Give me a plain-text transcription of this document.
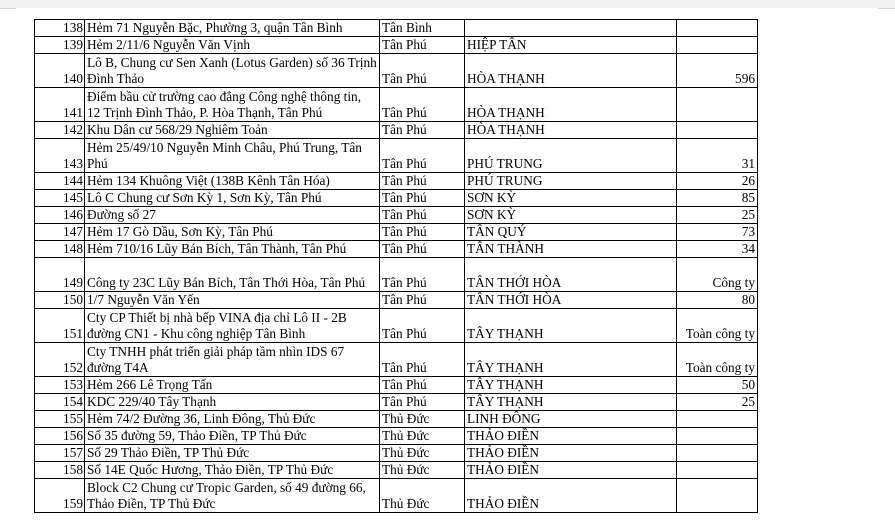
138	Hẻm 71 Nguyễn Bặc, Phường 3, quận Tân Bình	Tân Bình		
139	Hẻm 2/11/6 Nguyễn Văn Vịnh	Tân Phú	HIỆP TÂN	
140	Lô B, Chung cư Sen Xanh (Lotus Garden) số 36 Trịnh Đình Thảo	Tân Phú	HÒA THẠNH	596
141	Điểm bầu cử trường cao đẳng Công nghệ thông tin, 12 Trịnh Đình Thảo, P. Hòa Thạnh, Tân Phú	Tân Phú	HÒA THẠNH	
142	Khu Dân cư 568/29 Nghiêm Toản	Tân Phú	HÒA THẠNH	
143	Hẻm 25/49/10 Nguyễn Minh Châu, Phú Trung, Tân Phú	Tân Phú	PHÚ TRUNG	31
144	Hẻm 134 Khuông Việt (138B Kênh Tân Hóa)	Tân Phú	PHÚ TRUNG	26
145	Lô C Chung cư Sơn Kỳ 1, Sơn Kỳ, Tân Phú	Tân Phú	SƠN KỲ	85
146	Đường số 27	Tân Phú	SƠN KỲ	25
147	Hẻm 17 Gò Dầu, Sơn Kỳ, Tân Phú	Tân Phú	TÂN QUÝ	73
148	Hẻm 710/16 Lũy Bán Bích, Tân Thành, Tân Phú	Tân Phú	TÂN THÀNH	34
149	Công ty 23C Lũy Bán Bích, Tân Thới Hòa, Tân Phú	Tân Phú	TÂN THỚI HÒA	Công ty
150	1/7 Nguyễn Văn Yến	Tân Phú	TÂN THỚI HÒA	80
151	Cty CP Thiết bị nhà bếp VINA địa chỉ Lô II - 2B đường CN1 - Khu công nghiệp Tân Bình	Tân Phú	TÂY THẠNH	Toàn công ty
152	Cty TNHH phát triển giải pháp tầm nhìn IDS 67 đường T4A	Tân Phú	TÂY THẠNH	Toàn công ty
153	Hẻm 266 Lê Trọng Tấn	Tân Phú	TÂY THẠNH	50
154	KDC 229/40 Tây Thạnh	Tân Phú	TÂY THẠNH	25
155	Hẻm 74/2 Đường 36, Linh Đông, Thủ Đức	Thủ Đức	LINH ĐÔNG	
156	Số 35 đường 59, Thảo Điền, TP Thủ Đức	Thủ Đức	THẢO ĐIỀN	
157	Số 29 Thảo Điền, TP Thủ Đức	Thủ Đức	THẢO ĐIỀN	
158	Số 14E Quốc Hương, Thảo Điền, TP Thủ Đức	Thủ Đức	THẢO ĐIỀN	
159	Block C2 Chung cư Tropic Garden, số 49 đường 66, Thảo Điền, TP Thủ Đức	Thủ Đức	THẢO ĐIỀN	
